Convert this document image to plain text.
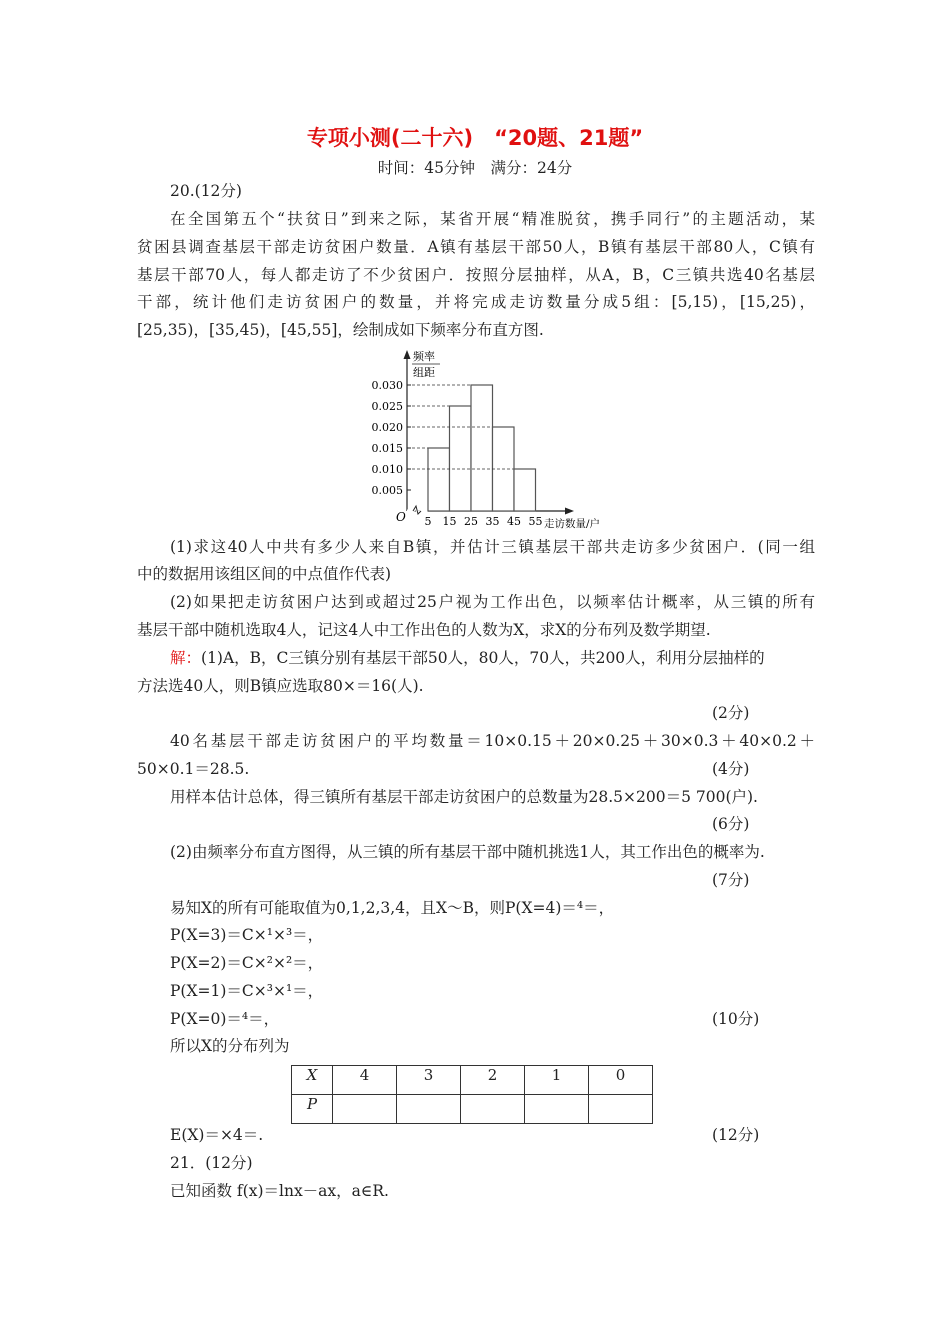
专项小测(二十六)　“20题、21题”
时间：45分钟　满分：24分
20.(12分)
在全国第五个“扶贫日”到来之际，某省开展“精准脱贫，携手同行”的主题活动，某
贫困县调查基层干部走访贫困户数量．A镇有基层干部50人，B镇有基层干部80人，C镇有
基层干部70人，每人都走访了不少贫困户．按照分层抽样，从A，B，C三镇共选40名基层
干部，统计他们走访贫困户的数量，并将完成走访数量分成5组：[5,15)，[15,25)，
[25,35)，[35,45)，[45,55]，绘制成如下频率分布直方图.
0.005
0.010
0.015
0.020
0.025
0.030
5 15 25 35 45 55
O	走访数量/户
频率
组距
(1)求这40人中共有多少人来自B镇，并估计三镇基层干部共走访多少贫困户．(同一组
中的数据用该组区间的中点值作代表)
(2)如果把走访贫困户达到或超过25户视为工作出色，以频率估计概率，从三镇的所有
基层干部中随机选取4人，记这4人中工作出色的人数为X，求X的分布列及数学期望.
解：(1)A，B，C三镇分别有基层干部50人，80人，70人，共200人，利用分层抽样的
方法选40人，则B镇应选取80×＝16(人).
(2分)
40名基层干部走访贫困户的平均数量＝10×0.15＋20×0.25＋30×0.3＋40×0.2＋
50×0.1＝28.5.	(4分)
用样本估计总体，得三镇所有基层干部走访贫困户的总数量为28.5×200＝5 700(户).
(6分)
(2)由频率分布直方图得，从三镇的所有基层干部中随机挑选1人，其工作出色的概率为.
(7分)
易知X的所有可能取值为0,1,2,3,4，且X～B，则P(X=4)＝⁴＝，
P(X=3)＝C×¹×³＝，
P(X=2)＝C×²×²＝，
P(X=1)＝C×³×¹＝，
P(X=0)＝⁴＝，	(10分)
所以X的分布列为
X	4	3	2	1	0
P					
E(X)＝×4＝.	(12分)
21．(12分)
已知函数 f(x)＝lnx－ax，a∈R.
